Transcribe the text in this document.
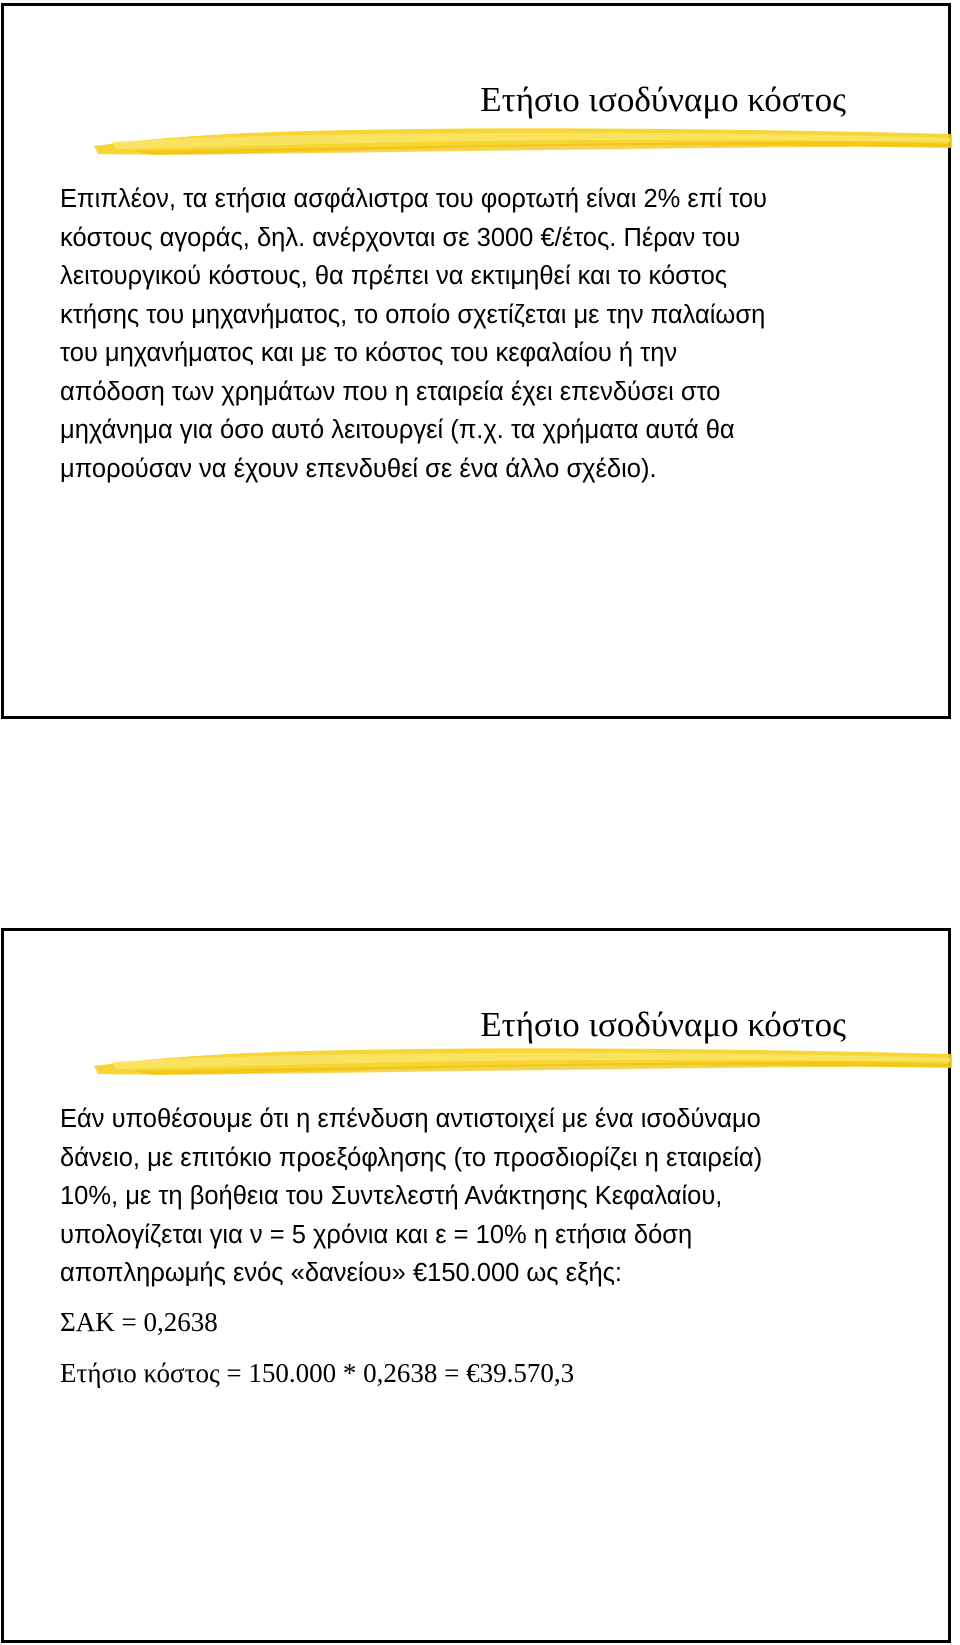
Ετήσιο ισοδύναμο κόστος

Επιπλέον, τα ετήσια ασφάλιστρα του φορτωτή είναι 2% επί του
κόστους αγοράς, δηλ. ανέρχονται σε 3000 €/έτος. Πέραν του
λειτουργικού κόστους, θα πρέπει να εκτιμηθεί και το κόστος
κτήσης του μηχανήματος, το οποίο σχετίζεται με την παλαίωση
του μηχανήματος και με το κόστος του κεφαλαίου ή την
απόδοση των χρημάτων που η εταιρεία έχει επενδύσει στο
μηχάνημα για όσο αυτό λειτουργεί (π.χ. τα χρήματα αυτά θα
μπορούσαν να έχουν επενδυθεί σε ένα άλλο σχέδιο).

Ετήσιο ισοδύναμο κόστος

Εάν υποθέσουμε ότι η επένδυση αντιστοιχεί με ένα ισοδύναμο
δάνειο, με επιτόκιο προεξόφλησης (το προσδιορίζει η εταιρεία)
10%, με τη βοήθεια του Συντελεστή Ανάκτησης Κεφαλαίου,
υπολογίζεται για ν = 5 χρόνια και ε = 10% η ετήσια δόση
αποπληρωμής ενός «δανείου» €150.000 ως εξής:

ΣΑΚ = 0,2638

Ετήσιο κόστος = 150.000 * 0,2638 = €39.570,3
